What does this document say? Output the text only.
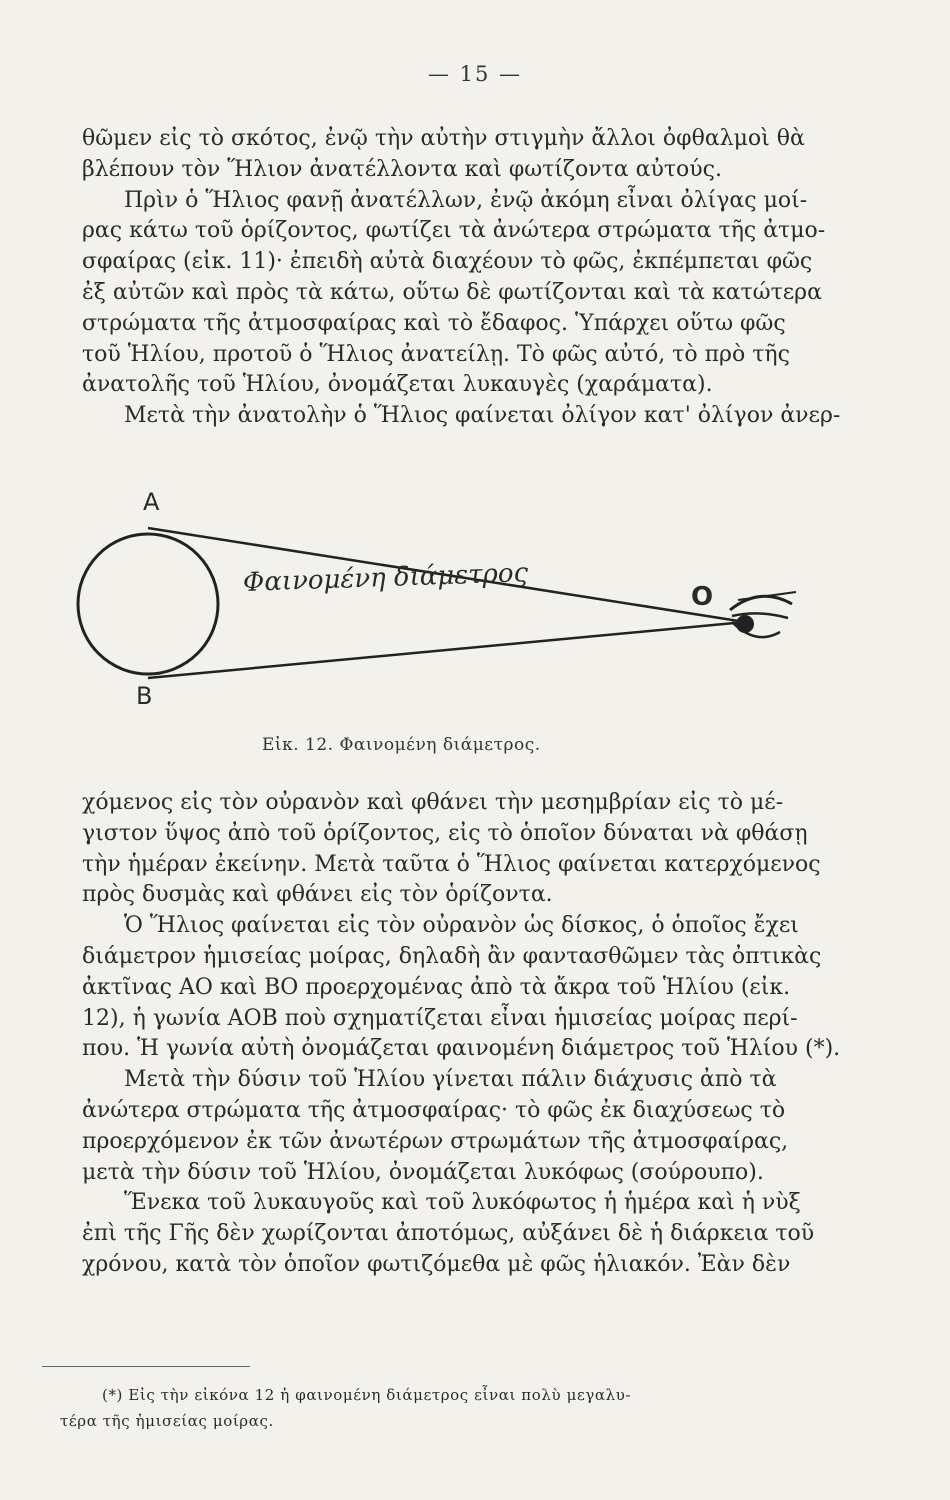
— 15 —
θῶμεν εἰς τὸ σκότος, ἐνῷ τὴν αὐτὴν στιγμὴν ἄλλοι ὀφθαλμοὶ θὰ
βλέπουν τὸν Ἥλιον ἀνατέλλοντα καὶ φωτίζοντα αὐτούς.
Πρὶν ὁ Ἥλιος φανῇ ἀνατέλλων, ἐνῷ ἀκόμη εἶναι ὀλίγας μοί-
ρας κάτω τοῦ ὁρίζοντος, φωτίζει τὰ ἀνώτερα στρώματα τῆς ἀτμο-
σφαίρας (εἰκ. 11)· ἐπειδὴ αὐτὰ διαχέουν τὸ φῶς, ἐκπέμπεται φῶς
ἐξ αὐτῶν καὶ πρὸς τὰ κάτω, οὕτω δὲ φωτίζονται καὶ τὰ κατώτερα
στρώματα τῆς ἀτμοσφαίρας καὶ τὸ ἔδαφος. Ὑπάρχει οὕτω φῶς
τοῦ Ἡλίου, προτοῦ ὁ Ἥλιος ἀνατείλῃ. Τὸ φῶς αὐτό, τὸ πρὸ τῆς
ἀνατολῆς τοῦ Ἡλίου, ὀνομάζεται λυκαυγὲς (χαράματα).
Μετὰ τὴν ἀνατολὴν ὁ Ἥλιος φαίνεται ὀλίγον κατ' ὀλίγον ἀνερ-
A
B
O
Φαινομένη διάμετρος
Εἰκ. 12. Φαινομένη διάμετρος.
χόμενος εἰς τὸν οὐρανὸν καὶ φθάνει τὴν μεσημβρίαν εἰς τὸ μέ-
γιστον ὕψος ἀπὸ τοῦ ὁρίζοντος, εἰς τὸ ὁποῖον δύναται νὰ φθάσῃ
τὴν ἡμέραν ἐκείνην. Μετὰ ταῦτα ὁ Ἥλιος φαίνεται κατερχόμενος
πρὸς δυσμὰς καὶ φθάνει εἰς τὸν ὁρίζοντα.
Ὁ Ἥλιος φαίνεται εἰς τὸν οὐρανὸν ὡς δίσκος, ὁ ὁποῖος ἔχει
διάμετρον ἡμισείας μοίρας, δηλαδὴ ἂν φαντασθῶμεν τὰς ὀπτικὰς
ἀκτῖνας ΑΟ καὶ ΒΟ προερχομένας ἀπὸ τὰ ἄκρα τοῦ Ἡλίου (εἰκ.
12), ἡ γωνία ΑΟΒ ποὺ σχηματίζεται εἶναι ἡμισείας μοίρας περί-
που. Ἡ γωνία αὐτὴ ὀνομάζεται φαινομένη διάμετρος τοῦ Ἡλίου (*).
Μετὰ τὴν δύσιν τοῦ Ἡλίου γίνεται πάλιν διάχυσις ἀπὸ τὰ
ἀνώτερα στρώματα τῆς ἀτμοσφαίρας· τὸ φῶς ἐκ διαχύσεως τὸ
προερχόμενον ἐκ τῶν ἀνωτέρων στρωμάτων τῆς ἀτμοσφαίρας,
μετὰ τὴν δύσιν τοῦ Ἡλίου, ὀνομάζεται λυκόφως (σούρουπο).
Ἕνεκα τοῦ λυκαυγοῦς καὶ τοῦ λυκόφωτος ἡ ἡμέρα καὶ ἡ νὺξ
ἐπὶ τῆς Γῆς δὲν χωρίζονται ἀποτόμως, αὐξάνει δὲ ἡ διάρκεια τοῦ
χρόνου, κατὰ τὸν ὁποῖον φωτιζόμεθα μὲ φῶς ἡλιακόν. Ἐὰν δὲν
(*) Εἰς τὴν εἰκόνα 12 ἡ φαινομένη διάμετρος εἶναι πολὺ μεγαλυ-
τέρα τῆς ἡμισείας μοίρας.
